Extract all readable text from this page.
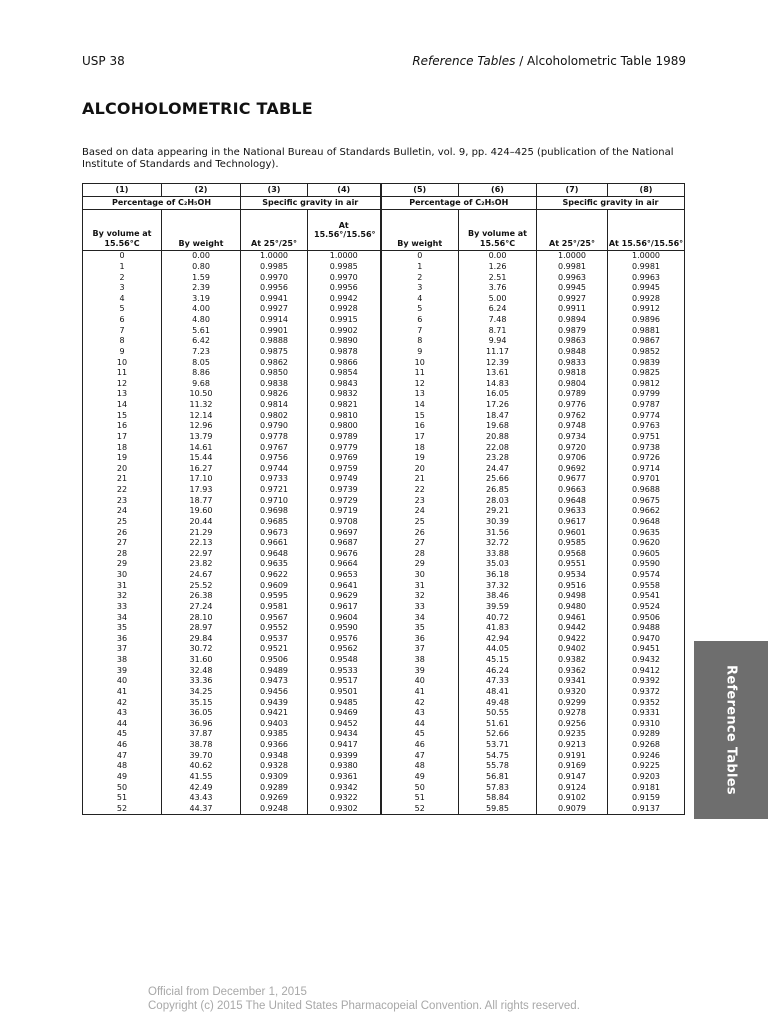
USP 38	Reference Tables / Alcoholometric Table 1989
ALCOHOLOMETRIC TABLE
Based on data appearing in the National Bureau of Standards Bulletin, vol. 9, pp. 424–425 (publication of the National Institute of Standards and Technology).
(1)	(2)	(3)	(4)	(5)	(6)	(7)	(8)
Percentage of C₂H₅OH		Specific gravity in air		Percentage of C₂H₅OH		Specific gravity in air	
By volume at 15.56°C	By weight	At 25°/25°	At 15.56°/15.56°	By weight	By volume at 15.56°C	At 25°/25°	At 15.56°/15.56°
0	0.00	1.0000	1.0000	0	0.00	1.0000	1.0000
1	0.80	0.9985	0.9985	1	1.26	0.9981	0.9981
2	1.59	0.9970	0.9970	2	2.51	0.9963	0.9963
3	2.39	0.9956	0.9956	3	3.76	0.9945	0.9945
4	3.19	0.9941	0.9942	4	5.00	0.9927	0.9928
5	4.00	0.9927	0.9928	5	6.24	0.9911	0.9912
6	4.80	0.9914	0.9915	6	7.48	0.9894	0.9896
7	5.61	0.9901	0.9902	7	8.71	0.9879	0.9881
8	6.42	0.9888	0.9890	8	9.94	0.9863	0.9867
9	7.23	0.9875	0.9878	9	11.17	0.9848	0.9852
10	8.05	0.9862	0.9866	10	12.39	0.9833	0.9839
11	8.86	0.9850	0.9854	11	13.61	0.9818	0.9825
12	9.68	0.9838	0.9843	12	14.83	0.9804	0.9812
13	10.50	0.9826	0.9832	13	16.05	0.9789	0.9799
14	11.32	0.9814	0.9821	14	17.26	0.9776	0.9787
15	12.14	0.9802	0.9810	15	18.47	0.9762	0.9774
16	12.96	0.9790	0.9800	16	19.68	0.9748	0.9763
17	13.79	0.9778	0.9789	17	20.88	0.9734	0.9751
18	14.61	0.9767	0.9779	18	22.08	0.9720	0.9738
19	15.44	0.9756	0.9769	19	23.28	0.9706	0.9726
20	16.27	0.9744	0.9759	20	24.47	0.9692	0.9714
21	17.10	0.9733	0.9749	21	25.66	0.9677	0.9701
22	17.93	0.9721	0.9739	22	26.85	0.9663	0.9688
23	18.77	0.9710	0.9729	23	28.03	0.9648	0.9675
24	19.60	0.9698	0.9719	24	29.21	0.9633	0.9662
25	20.44	0.9685	0.9708	25	30.39	0.9617	0.9648
26	21.29	0.9673	0.9697	26	31.56	0.9601	0.9635
27	22.13	0.9661	0.9687	27	32.72	0.9585	0.9620
28	22.97	0.9648	0.9676	28	33.88	0.9568	0.9605
29	23.82	0.9635	0.9664	29	35.03	0.9551	0.9590
30	24.67	0.9622	0.9653	30	36.18	0.9534	0.9574
31	25.52	0.9609	0.9641	31	37.32	0.9516	0.9558
32	26.38	0.9595	0.9629	32	38.46	0.9498	0.9541
33	27.24	0.9581	0.9617	33	39.59	0.9480	0.9524
34	28.10	0.9567	0.9604	34	40.72	0.9461	0.9506
35	28.97	0.9552	0.9590	35	41.83	0.9442	0.9488
36	29.84	0.9537	0.9576	36	42.94	0.9422	0.9470
37	30.72	0.9521	0.9562	37	44.05	0.9402	0.9451
38	31.60	0.9506	0.9548	38	45.15	0.9382	0.9432
39	32.48	0.9489	0.9533	39	46.24	0.9362	0.9412
40	33.36	0.9473	0.9517	40	47.33	0.9341	0.9392
41	34.25	0.9456	0.9501	41	48.41	0.9320	0.9372
42	35.15	0.9439	0.9485	42	49.48	0.9299	0.9352
43	36.05	0.9421	0.9469	43	50.55	0.9278	0.9331
44	36.96	0.9403	0.9452	44	51.61	0.9256	0.9310
45	37.87	0.9385	0.9434	45	52.66	0.9235	0.9289
46	38.78	0.9366	0.9417	46	53.71	0.9213	0.9268
47	39.70	0.9348	0.9399	47	54.75	0.9191	0.9246
48	40.62	0.9328	0.9380	48	55.78	0.9169	0.9225
49	41.55	0.9309	0.9361	49	56.81	0.9147	0.9203
50	42.49	0.9289	0.9342	50	57.83	0.9124	0.9181
51	43.43	0.9269	0.9322	51	58.84	0.9102	0.9159
52	44.37	0.9248	0.9302	52	59.85	0.9079	0.9137
Reference Tables
Official from December 1, 2015
Copyright (c) 2015 The United States Pharmacopeial Convention. All rights reserved.
